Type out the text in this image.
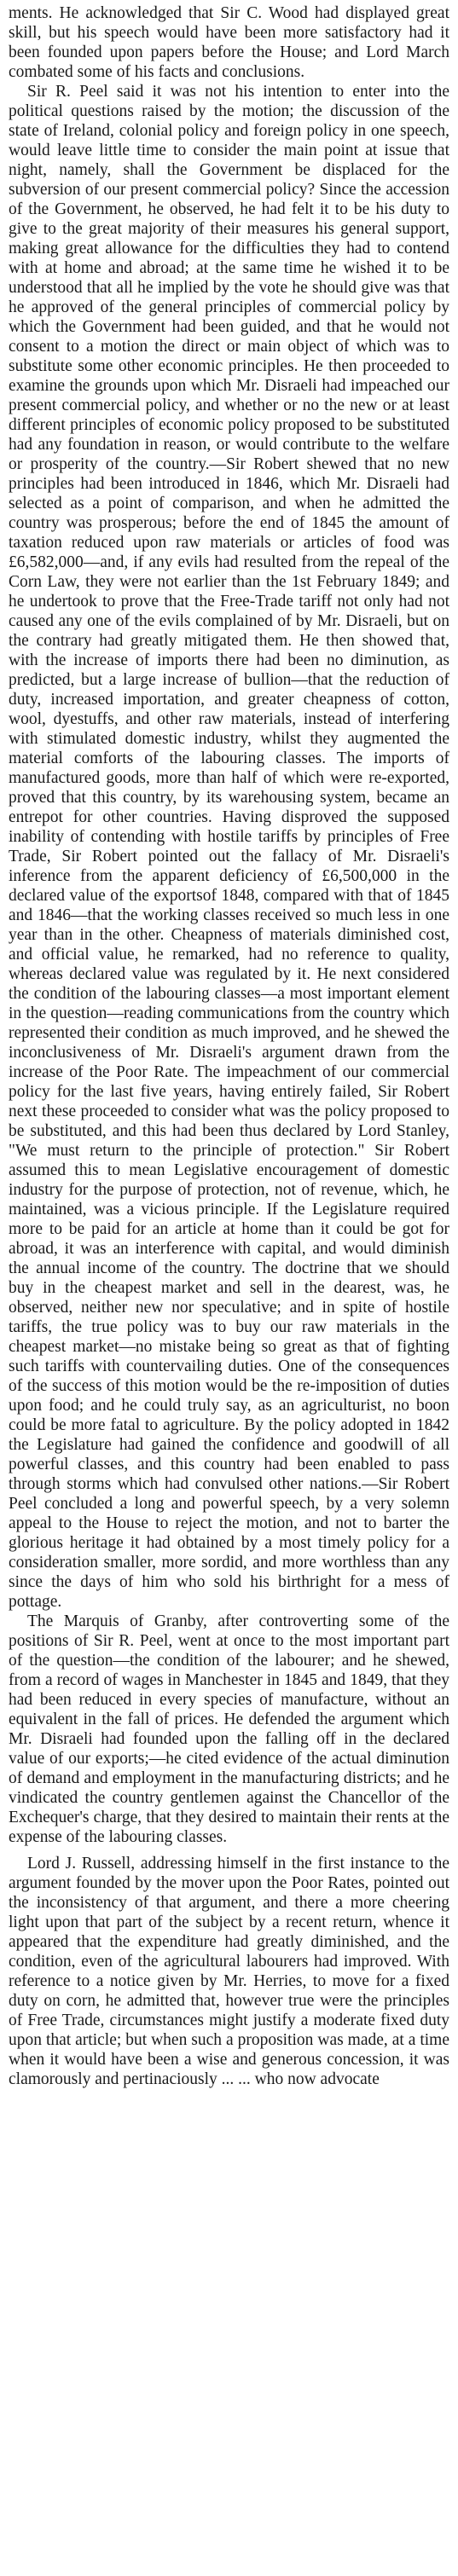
ments. He acknowledged that Sir C. Wood had displayed great skill, but his speech would have been more satisfactory had it been founded upon papers before the House; and Lord March combated some of his facts and conclusions.

Sir R. Peel said it was not his intention to enter into the political questions raised by the motion; the discussion of the state of Ireland, colonial policy and foreign policy in one speech, would leave little time to consider the main point at issue that night, namely, shall the Government be displaced for the subversion of our present commercial policy? Since the accession of the Government, he observed, he had felt it to be his duty to give to the great majority of their measures his general support, making great allowance for the difficulties they had to contend with at home and abroad; at the same time he wished it to be understood that all he implied by the vote he should give was that he approved of the general principles of commercial policy by which the Government had been guided, and that he would not consent to a motion the direct or main object of which was to substitute some other economic principles. He then proceeded to examine the grounds upon which Mr. Disraeli had impeached our present commercial policy, and whether or no the new or at least different principles of economic policy proposed to be substituted had any foundation in reason, or would contribute to the welfare or prosperity of the country.—Sir Robert shewed that no new principles had been introduced in 1846, which Mr. Disraeli had selected as a point of comparison, and when he admitted the country was prosperous; before the end of 1845 the amount of taxation reduced upon raw materials or articles of food was £6,582,000—and, if any evils had resulted from the repeal of the Corn Law, they were not earlier than the 1st February 1849; and he undertook to prove that the Free-Trade tariff not only had not caused any one of the evils complained of by Mr. Disraeli, but on the contrary had greatly mitigated them. He then showed that, with the increase of imports there had been no diminution, as predicted, but a large increase of bullion—that the reduction of duty, increased importation, and greater cheapness of cotton, wool, dyestuffs, and other raw materials, instead of interfering with stimulated domestic industry, whilst they augmented the material comforts of the labouring classes. The imports of manufactured goods, more than half of which were re-exported, proved that this country, by its warehousing system, became an entrepot for other countries. Having disproved the supposed inability of contending with hostile tariffs by principles of Free Trade, Sir Robert pointed out the fallacy of Mr. Disraeli's inference from the apparent deficiency of £6,500,000 in the declared value of the exportsof 1848, compared with that of 1845 and 1846—that the working classes received so much less in one year than in the other. Cheapness of materials diminished cost, and official value, he remarked, had no reference to quality, whereas declared value was regulated by it. He next considered the condition of the labouring classes—a most important element in the question—reading communications from the country which represented their condition as much improved, and he shewed the inconclusiveness of Mr. Disraeli's argument drawn from the increase of the Poor Rate. The impeachment of our commercial policy for the last five years, having entirely failed, Sir Robert next these proceeded to consider what was the policy proposed to be substituted, and this had been thus declared by Lord Stanley, "We must return to the principle of protection." Sir Robert assumed this to mean Legislative encouragement of domestic industry for the purpose of protection, not of revenue, which, he maintained, was a vicious principle. If the Legislature required more to be paid for an article at home than it could be got for abroad, it was an interference with capital, and would diminish the annual income of the country. The doctrine that we should buy in the cheapest market and sell in the dearest, was, he observed, neither new nor speculative; and in spite of hostile tariffs, the true policy was to buy our raw materials in the cheapest market—no mistake being so great as that of fighting such tariffs with countervailing duties. One of the consequences of the success of this motion would be the re-imposition of duties upon food; and he could truly say, as an agriculturist, no boon could be more fatal to agriculture. By the policy adopted in 1842 the Legislature had gained the confidence and goodwill of all powerful classes, and this country had been enabled to pass through storms which had convulsed other nations.—Sir Robert Peel concluded a long and powerful speech, by a very solemn appeal to the House to reject the motion, and not to barter the glorious heritage it had obtained by a most timely policy for a consideration smaller, more sordid, and more worthless than any since the days of him who sold his birthright for a mess of pottage.

The Marquis of Granby, after controverting some of the positions of Sir R. Peel, went at once to the most important part of the question—the condition of the labourer; and he shewed, from a record of wages in Manchester in 1845 and 1849, that they had been reduced in every species of manufacture, without an equivalent in the fall of prices. He defended the argument which Mr. Disraeli had founded upon the falling off in the declared value of our exports;—he cited evidence of the actual diminution of demand and employment in the manufacturing districts; and he vindicated the country gentlemen against the Chancellor of the Exchequer's charge, that they desired to maintain their rents at the expense of the labouring classes.

Lord J. Russell, addressing himself in the first instance to the argument founded by the mover upon the Poor Rates, pointed out the inconsistency of that argument, and there a more cheering light upon that part of the subject by a recent return, whence it appeared that the expenditure had greatly diminished, and the condition, even of the agricultural labourers had improved. With reference to a notice given by Mr. Herries, to move for a fixed duty on corn, he admitted that, however true were the principles of Free Trade, circumstances might justify a moderate fixed duty upon that article; but when such a proposition was made, at a time when it would have been a wise and generous concession, it was clamorously and pertinaciously ... ... who now advocate
